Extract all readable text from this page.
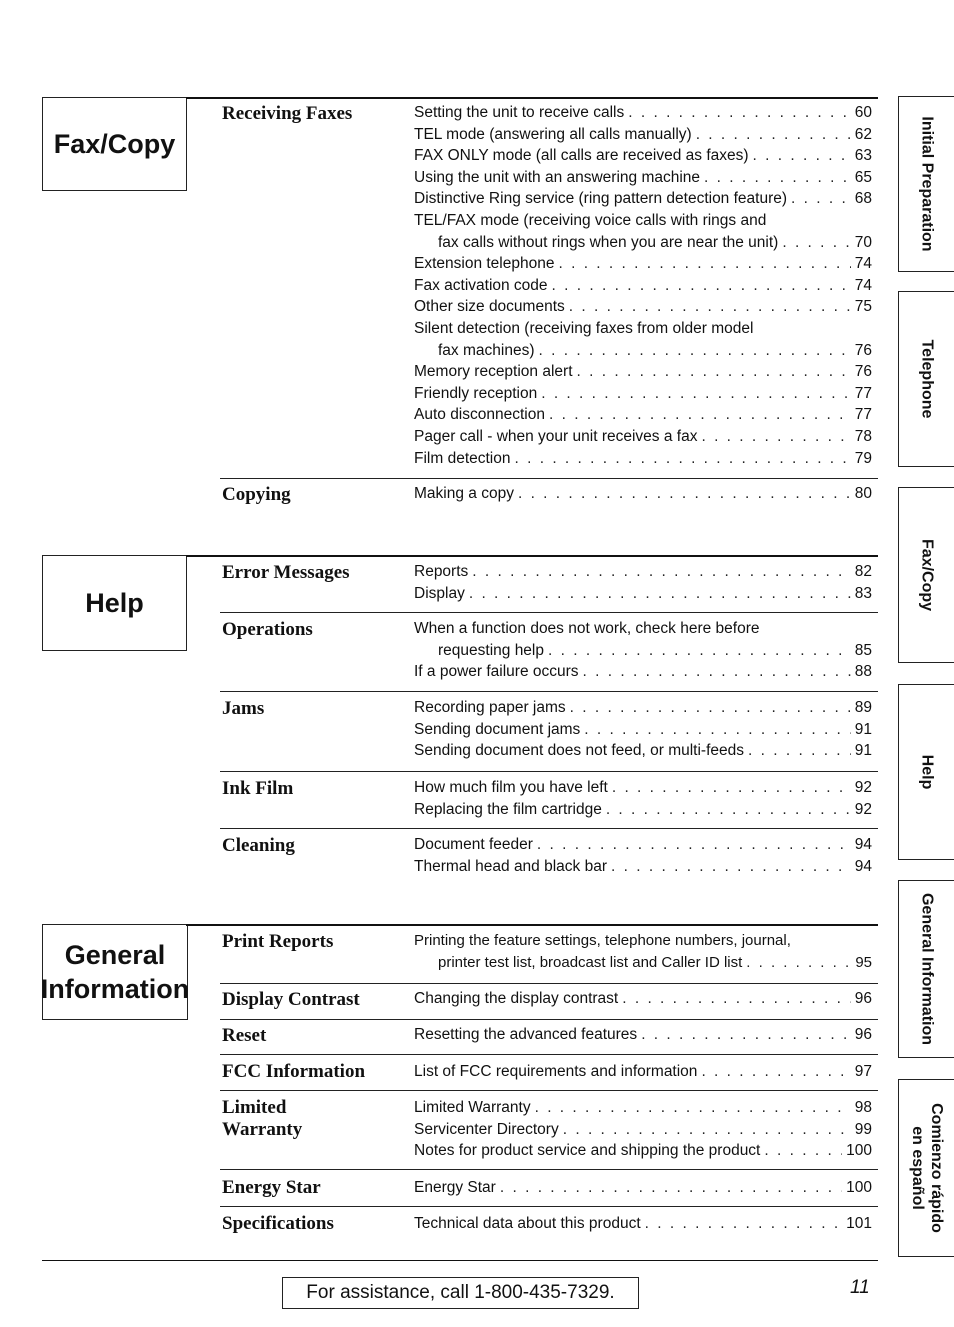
Fax/Copy
Help
General
Information
Receiving Faxes	Setting the unit to receive calls . . .	60
TEL mode (answering all calls manually) . . .	62
FAX ONLY mode (all calls are received as faxes) . . .	63
Using the unit with an answering machine . . .	65
Distinctive Ring service (ring pattern detection feature) . . .	68
TEL/FAX mode (receiving voice calls with rings and
fax calls without rings when you are near the unit) . . .	70
Extension telephone . . .	74
Fax activation code . . .	74
Other size documents . . .	75
Silent detection (receiving faxes from older model
fax machines) . . .	76
Memory reception alert . . .	76
Friendly reception . . .	77
Auto disconnection . . .	77
Pager call - when your unit receives a fax . . .	78
Film detection . . .	79
Copying	Making a copy . . .	80
Error Messages	Reports . . .	82
Display . . .	83
Operations	When a function does not work, check here before
requesting help . . .	85
If a power failure occurs . . .	88
Jams	Recording paper jams . . .	89
Sending document jams . . .	91
Sending document does not feed, or multi-feeds . . .	91
Ink Film	How much film you have left . . .	92
Replacing the film cartridge . . .	92
Cleaning	Document feeder . . .	94
Thermal head and black bar . . .	94
Print Reports	Printing the feature settings, telephone numbers, journal,
printer test list, broadcast list and Caller ID list . . .	95
Display Contrast	Changing the display contrast . . .	96
Reset	Resetting the advanced features . . .	96
FCC Information	List of FCC requirements and information . . .	97
Limited
Warranty
Limited Warranty . . .	98
Servicenter Directory . . .	99
Notes for product service and shipping the product . . .	100
Energy Star	Energy Star . . .	100
Specifications	Technical data about this product . . .	101
Initial Preparation
Telephone
Fax/Copy
Help
General Information
Comienzo rápido
en español
For assistance, call 1-800-435-7329.	11
